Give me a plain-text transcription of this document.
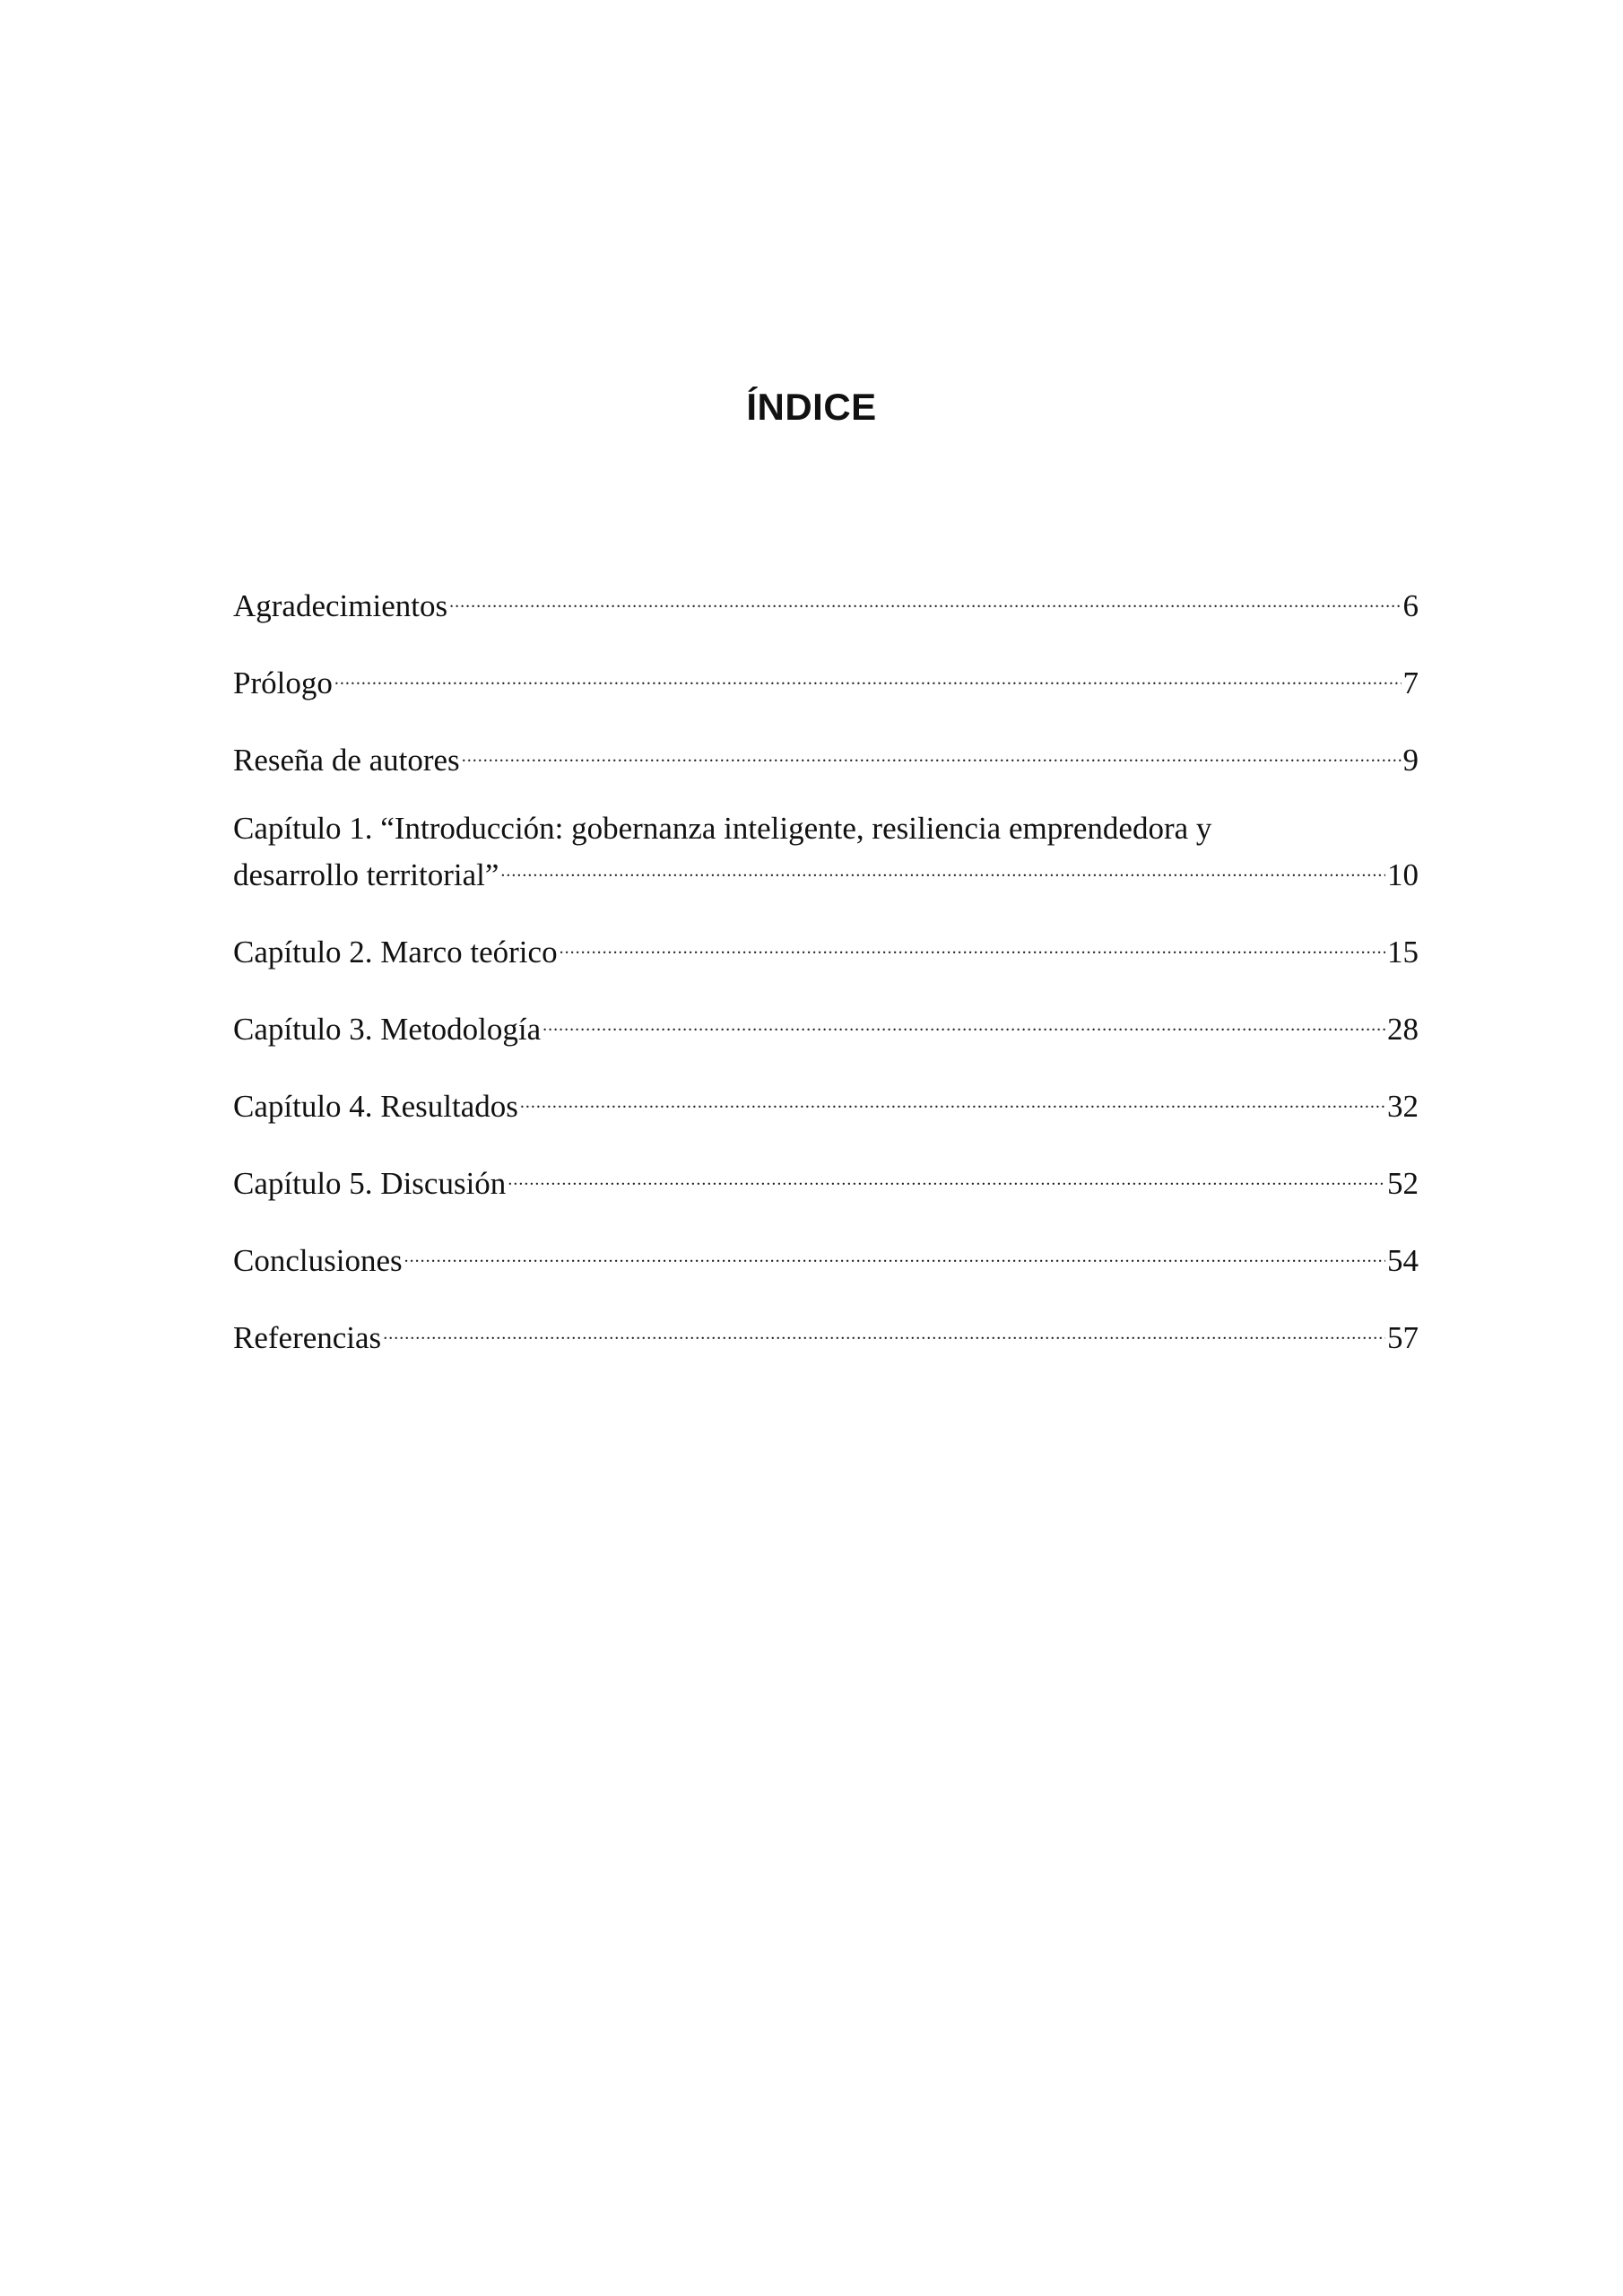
ÍNDICE
Agradecimientos .....	6
Prólogo .....	7
Reseña de autores .....	9
Capítulo 1. “Introducción: gobernanza inteligente, resiliencia emprendedora y
desarrollo territorial” .....	10
Capítulo 2. Marco teórico .....	15
Capítulo 3. Metodología .....	28
Capítulo 4. Resultados .....	32
Capítulo 5. Discusión .....	52
Conclusiones .....	54
Referencias .....	57
